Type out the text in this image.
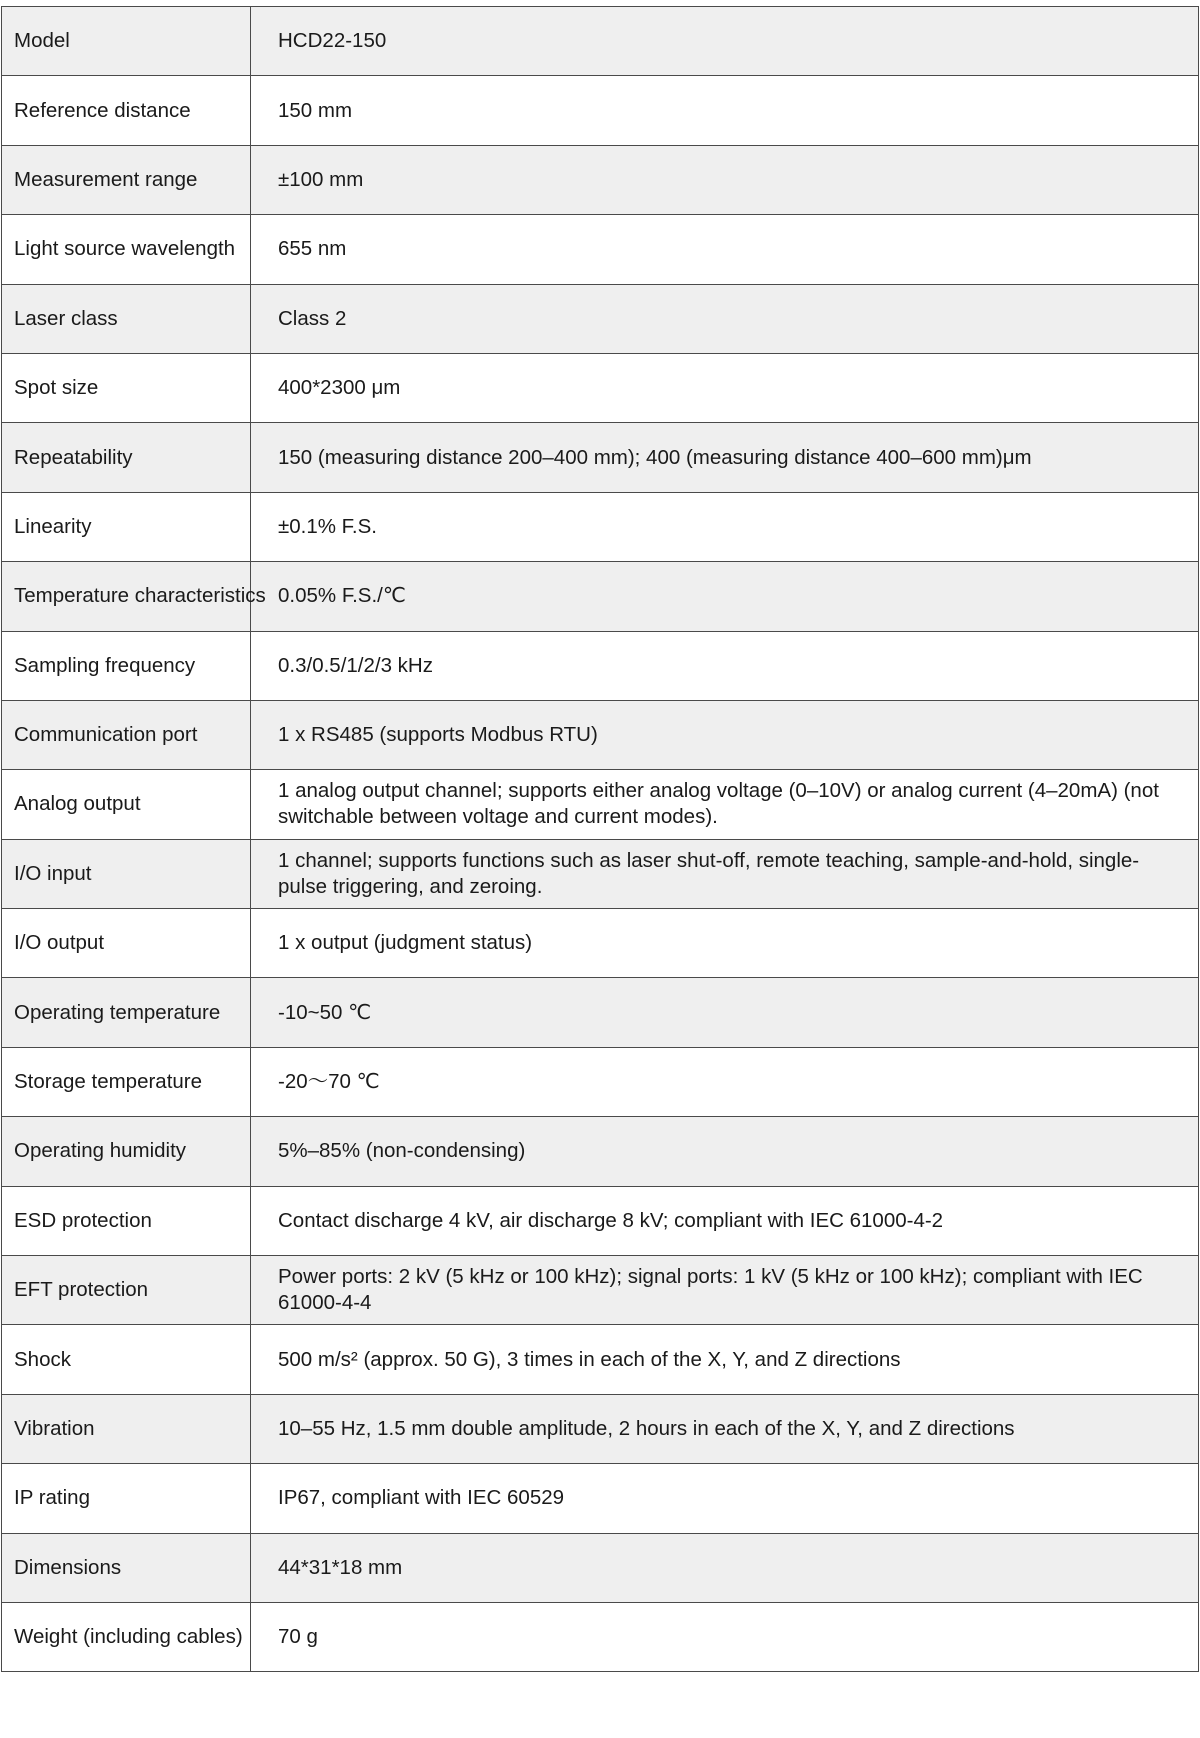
Model	HCD22-150
Reference distance	150 mm
Measurement range	±100 mm
Light source wavelength	655 nm
Laser class	Class 2
Spot size	400*2300 μm
Repeatability	150 (measuring distance 200–400 mm); 400 (measuring distance 400–600 mm)μm
Linearity	±0.1% F.S.
Temperature characteristics	0.05% F.S./℃
Sampling frequency	0.3/0.5/1/2/3 kHz
Communication port	1 x RS485 (supports Modbus RTU)
Analog output	1 analog output channel; supports either analog voltage (0–10V) or analog current (4–20mA) (not switchable between voltage and current modes).
I/O input	1 channel; supports functions such as laser shut-off, remote teaching, sample-and-hold, single-pulse triggering, and zeroing.
I/O output	1 x output (judgment status)
Operating temperature	-10~50 ℃
Storage temperature	-20～70 ℃
Operating humidity	5%–85% (non-condensing)
ESD protection	Contact discharge 4 kV, air discharge 8 kV; compliant with IEC 61000-4-2
EFT protection	Power ports: 2 kV (5 kHz or 100 kHz); signal ports: 1 kV (5 kHz or 100 kHz); compliant with IEC 61000-4-4
Shock	500 m/s² (approx. 50 G), 3 times in each of the X, Y, and Z directions
Vibration	10–55 Hz, 1.5 mm double amplitude, 2 hours in each of the X, Y, and Z directions
IP rating	IP67, compliant with IEC 60529
Dimensions	44*31*18 mm
Weight (including cables)	70 g
